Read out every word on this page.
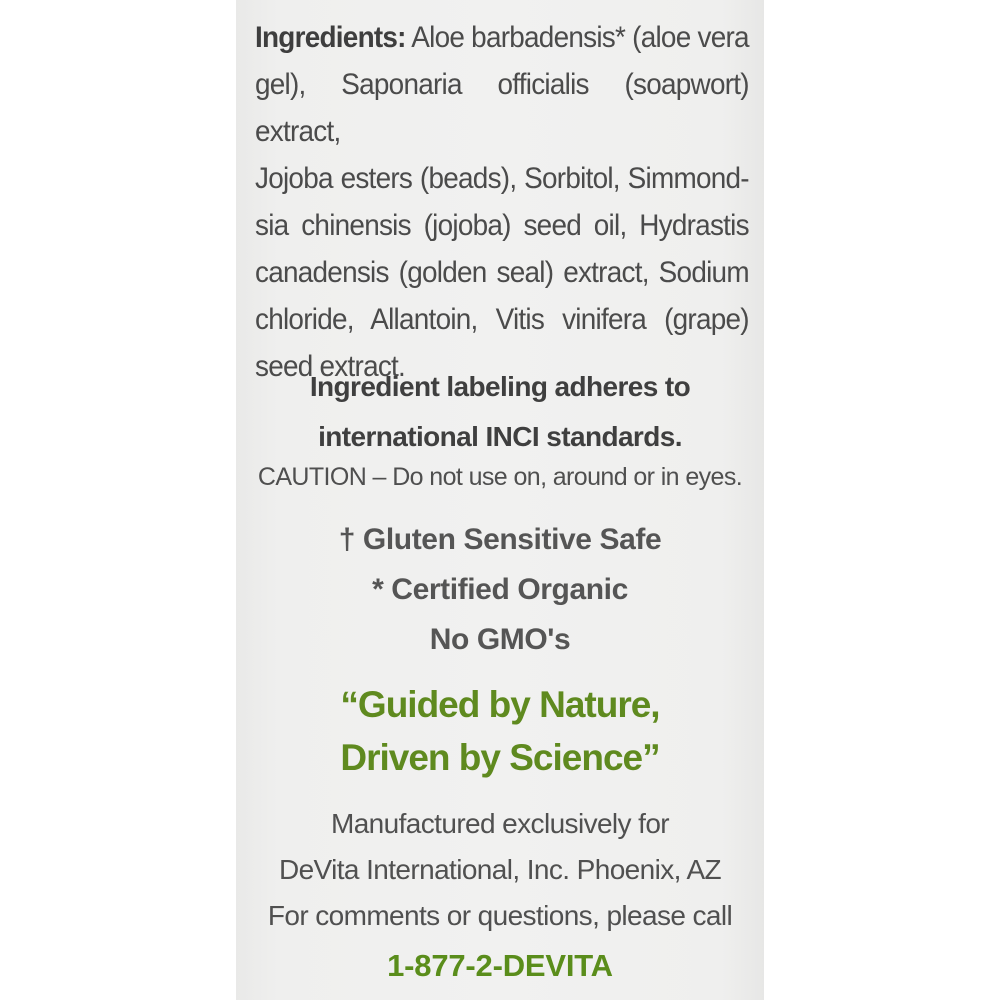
Ingredients: Aloe barbadensis* (aloe vera
gel), Saponaria officialis (soapwort) extract,
Jojoba esters (beads), Sorbitol, Simmond-
sia chinensis (jojoba) seed oil, Hydrastis
canadensis (golden seal) extract, Sodium
chloride, Allantoin, Vitis vinifera (grape)
seed extract.
Ingredient labeling adheres to
international INCI standards.
CAUTION – Do not use on, around or in eyes.
† Gluten Sensitive Safe
* Certified Organic
No GMO's
“Guided by Nature,
Driven by Science”
Manufactured exclusively for
DeVita International, Inc. Phoenix, AZ
For comments or questions, please call
1-877-2-DEVITA
